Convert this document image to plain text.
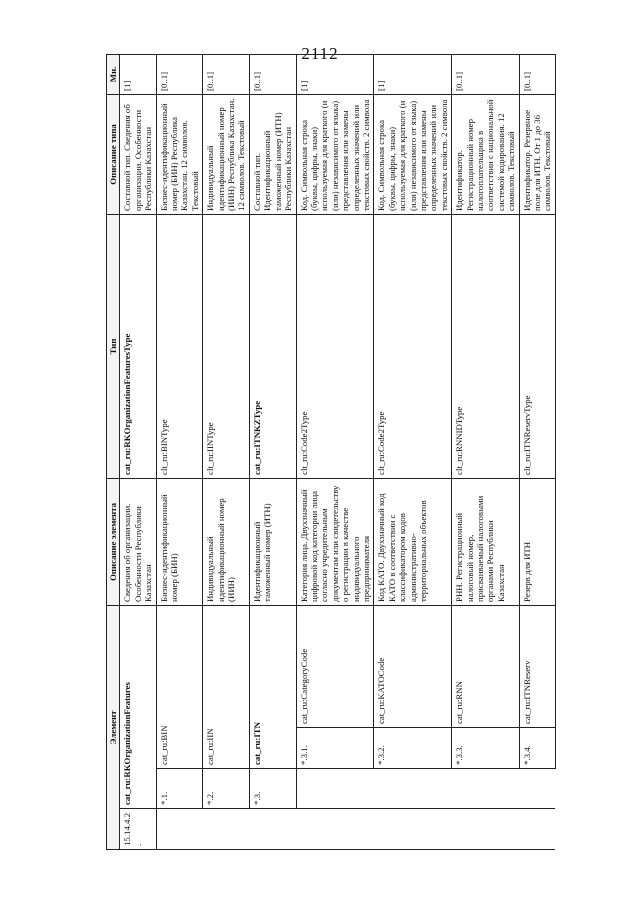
2112
Элемент				Описание элемента	Тип	Описание типа	Мн.
15.14.4.2.	cat_ru:RKOrganizationFeatures			Сведения об организации. Особенности Республики Казахстан	cat_ru:RKOrganizationFeaturesType	Составной тип. Сведения об организации. Особенности Республики Казахстан	[1]
	*.1.	cat_ru:BIN		Бизнес-идентификационный номер (БИН)	clt_ru:BINType	Бизнес-идентификационный номер (БИН) Республика Казахстан. 12 символов. Текстовый	[0..1]
	*.2.	cat_ru:IIN		Индивидуальный идентификационный номер (ИИН)	clt_ru:IINType	Индивидуальный идентификационный номер (ИИН) Республика Казахстан. 12 символов. Текстовый	[0..1]
	*.3.	cat_ru:ITN		Идентификационный таможенный номер (ИТН)	cat_ru:ITNKZType	Составной тип. Идентификационный таможенный номер (ИТН) Республики Казахстан	[0..1]
		*.3.1.	cat_ru:CategoryCode	Категория лица. Двухзначный цифровой код категории лица согласно учредительным документам или свидетельству о регистрации в качестве индивидуального предпринимателя	clt_ru:Code2Type	Код. Символьная строка (буквы, цифры, знаки) используемая для краткого (и (или) независимого от языка) представления или замены определенных значений или текстовых свойств. 2 символа	[1]
		*.3.2.	cat_ru:KATOCode	Код КАТО. Двухзначный код КАТО в соответствии с классификатором кодов административно-территориальных объектов	clt_ru:Code2Type	Код. Символьная строка (буквы, цифры, знаки) используемая для краткого (и (или) независимого от языка) представления или замены определенных значений или текстовых свойств. 2 символа	[1]
		*.3.3.	cat_ru:RNN	РНН. Регистрационный налоговый номер, присваиваемый налоговыми органами Республики Казахстан	clt_ru:RNNIDType	Идентификатор. Регистрационный номер налогоплательщика в соответствии с национальной системой кодирования. 12 символов. Текстовый	[0..1]
		*.3.4.	cat_ru:ITNReserv	Резерв для ИТН	clt_ru:ITNReservType	Идентификатор. Резервное поле для ИТН. От 1 до 36 символов. Текстовый	[0..1]
